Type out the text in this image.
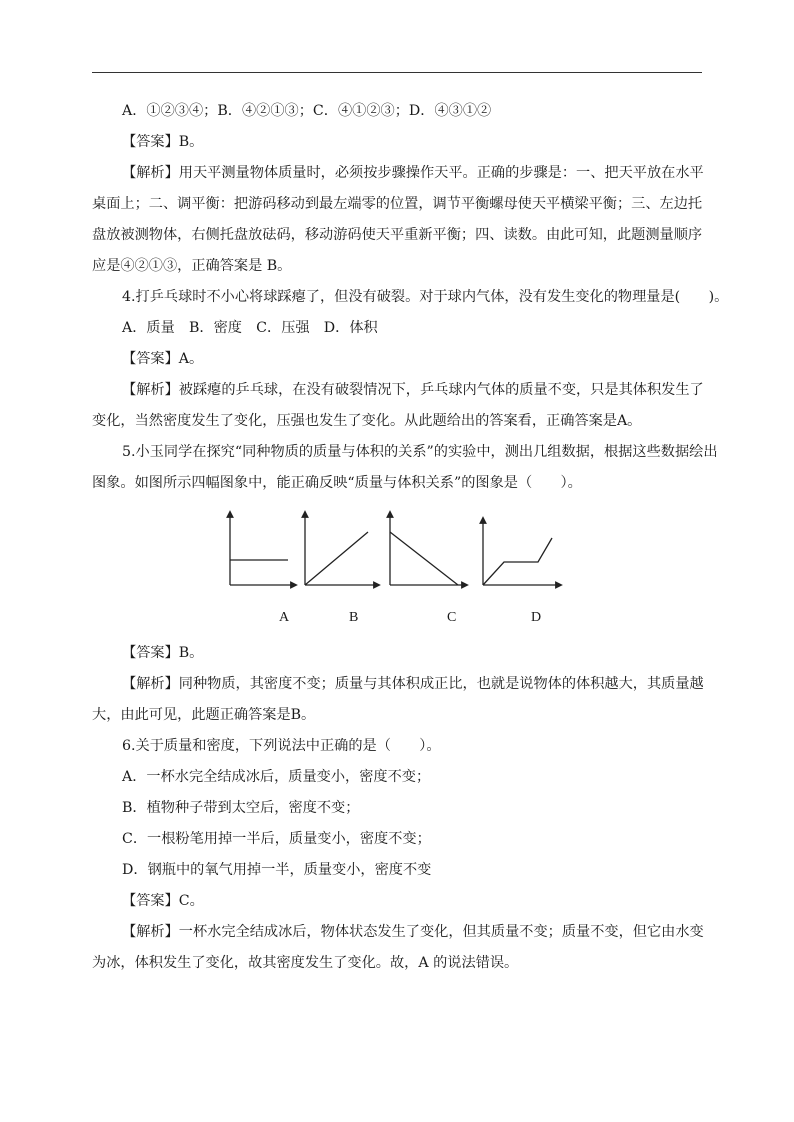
A．①②③④；B．④②①③；C．④①②③；D．④③①②
【答案】B。
【解析】用天平测量物体质量时，必须按步骤操作天平。正确的步骤是：一、把天平放在水平
桌面上；二、调平衡：把游码移动到最左端零的位置，调节平衡螺母使天平横梁平衡；三、左边托
盘放被测物体，右侧托盘放砝码，移动游码使天平重新平衡；四、读数。由此可知，此题测量顺序
应是④②①③，正确答案是 B。
4.打乒乓球时不小心将球踩瘪了，但没有破裂。对于球内气体，没有发生变化的物理量是(　　)。
A．质量　B．密度　C．压强　D．体积
【答案】A。
【解析】被踩瘪的乒乓球，在没有破裂情况下，乒乓球内气体的质量不变，只是其体积发生了
变化，当然密度发生了变化，压强也发生了变化。从此题给出的答案看，正确答案是A。
5.小玉同学在探究“同种物质的质量与体积的关系”的实验中，测出几组数据，根据这些数据绘出
图象。如图所示四幅图象中，能正确反映“质量与体积关系”的图象是（　　）。
A	B	C	D
【答案】B。
【解析】同种物质，其密度不变；质量与其体积成正比，也就是说物体的体积越大，其质量越
大，由此可见，此题正确答案是B。
6.关于质量和密度，下列说法中正确的是（　　）。
A．一杯水完全结成冰后，质量变小，密度不变；
B．植物种子带到太空后，密度不变；
C．一根粉笔用掉一半后，质量变小，密度不变；
D．钢瓶中的氧气用掉一半，质量变小，密度不变
【答案】C。
【解析】一杯水完全结成冰后，物体状态发生了变化，但其质量不变；质量不变，但它由水变
为冰，体积发生了变化，故其密度发生了变化。故，A 的说法错误。
